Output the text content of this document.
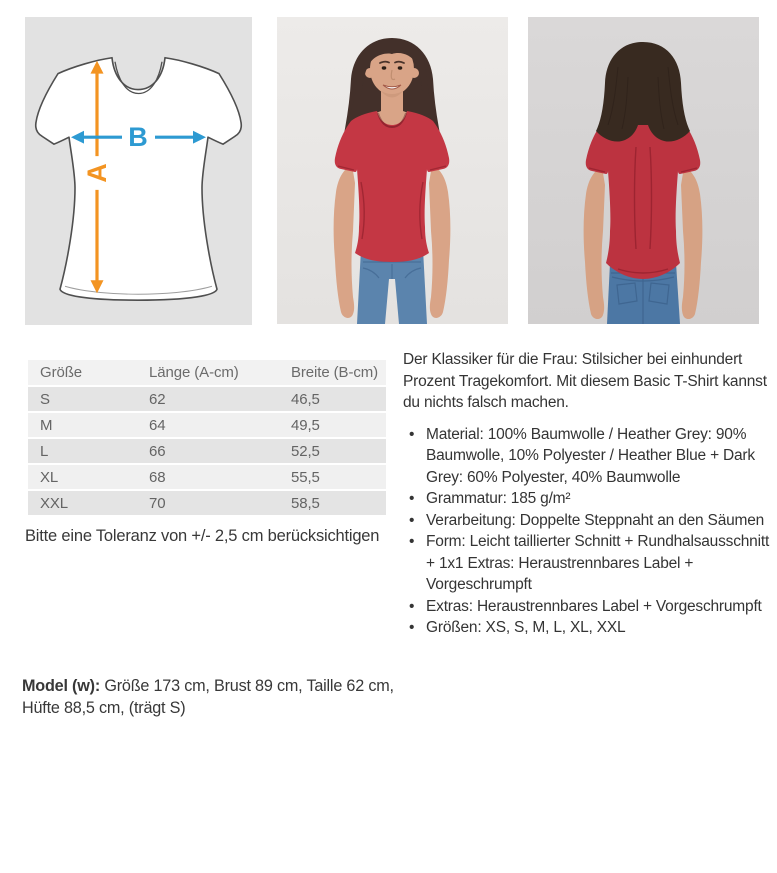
A
B
Größe	Länge (A-cm)	Breite (B-cm)
S	62	46,5
M	64	49,5
L	66	52,5
XL	68	55,5
XXL	70	58,5
Bitte eine Toleranz von +/- 2,5 cm berücksichtigen
Model (w): Größe 173 cm, Brust 89 cm, Taille 62 cm, Hüfte 88,5 cm, (trägt S)

Der Klassiker für die Frau: Stilsicher bei einhundert Prozent Tragekomfort. Mit diesem Basic T-Shirt kannst du nichts falsch machen.

• Material: 100% Baumwolle / Heather Grey: 90% Baumwolle, 10% Polyester / Heather Blue + Dark Grey: 60% Polyester, 40% Baumwolle
• Grammatur: 185 g/m²
• Verarbeitung: Doppelte Steppnaht an den Säumen
• Form: Leicht taillierter Schnitt + Rundhalsausschnitt + 1x1 Extras: Heraustrennbares Label + Vorgeschrumpft
• Extras: Heraustrennbares Label + Vorgeschrumpft
• Größen: XS, S, M, L, XL, XXL
